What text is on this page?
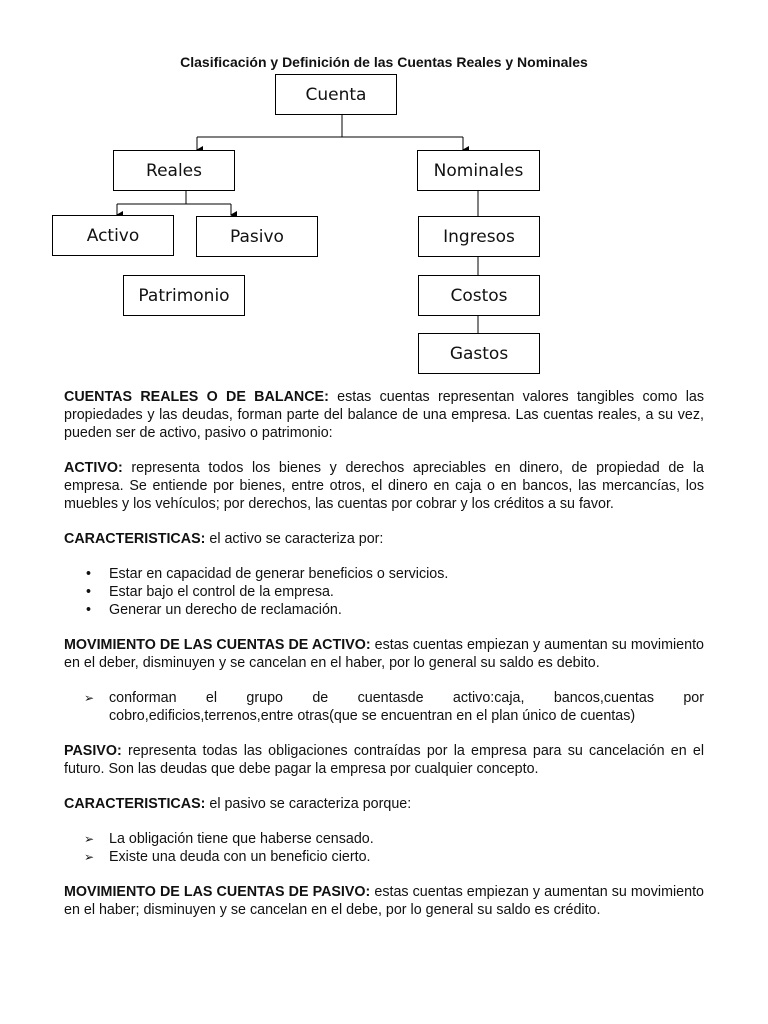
Clasificación y Definición de las Cuentas Reales y Nominales
Cuenta
Reales	Nominales
Activo	Pasivo
Patrimonio
Ingresos
Costos
Gastos

CUENTAS REALES O DE BALANCE: estas cuentas representan valores tangibles como las propiedades y las deudas, forman parte del balance de una empresa. Las cuentas reales, a su vez, pueden ser de activo, pasivo o patrimonio:

ACTIVO: representa todos los bienes y derechos apreciables en dinero, de propiedad de la empresa. Se entiende por bienes, entre otros, el dinero en caja o en bancos, las mercancías, los muebles y los vehículos; por derechos, las cuentas por cobrar y los créditos a su favor.

CARACTERISTICAS: el activo se caracteriza por:

• Estar en capacidad de generar beneficios o servicios.
• Estar bajo el control de la empresa.
• Generar un derecho de reclamación.

MOVIMIENTO DE LAS CUENTAS DE ACTIVO: estas cuentas empiezan y aumentan su movimiento en el deber, disminuyen y se cancelan en el haber, por lo general su saldo es debito.

➢ conforman el grupo de cuentasde activo:caja, bancos,cuentas por
cobro,edificios,terrenos,entre otras(que se encuentran en el plan único de cuentas)

PASIVO: representa todas las obligaciones contraídas por la empresa para su cancelación en el futuro. Son las deudas que debe pagar la empresa por cualquier concepto.

CARACTERISTICAS: el pasivo se caracteriza porque:

➢ La obligación tiene que haberse censado.
➢ Existe una deuda con un beneficio cierto.

MOVIMIENTO DE LAS CUENTAS DE PASIVO: estas cuentas empiezan y aumentan su movimiento en el haber; disminuyen y se cancelan en el debe, por lo general su saldo es crédito.
